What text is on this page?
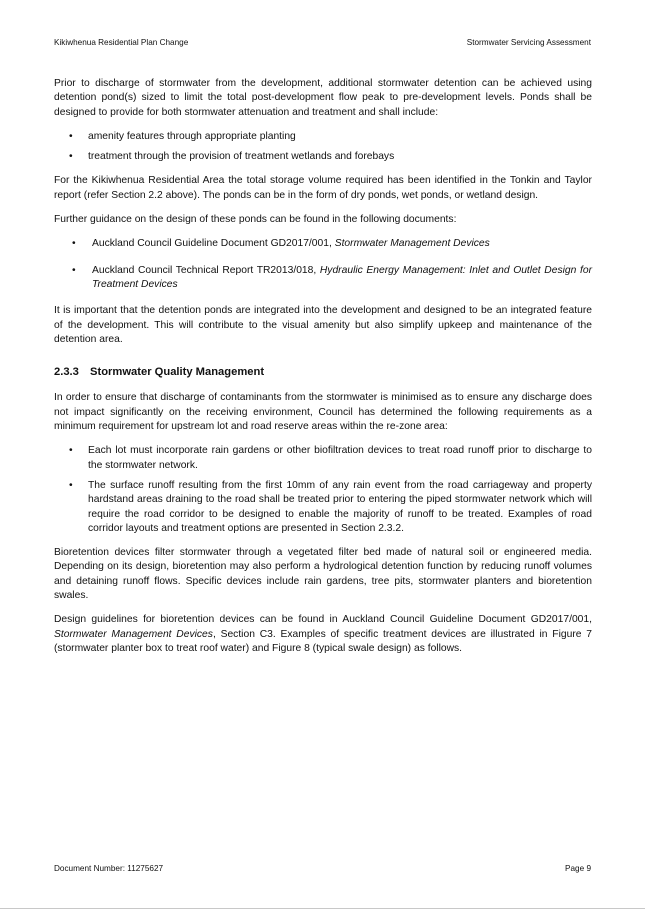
Kikiwhenua Residential Plan Change	Stormwater Servicing Assessment

Prior to discharge of stormwater from the development, additional stormwater detention can be achieved using detention pond(s) sized to limit the total post-development flow peak to pre-development levels. Ponds shall be designed to provide for both stormwater attenuation and treatment and shall include:

• amenity features through appropriate planting
• treatment through the provision of treatment wetlands and forebays

For the Kikiwhenua Residential Area the total storage volume required has been identified in the Tonkin and Taylor report (refer Section 2.2 above). The ponds can be in the form of dry ponds, wet ponds, or wetland design.

Further guidance on the design of these ponds can be found in the following documents:

• Auckland Council Guideline Document GD2017/001, Stormwater Management Devices
• Auckland Council Technical Report TR2013/018, Hydraulic Energy Management: Inlet and Outlet Design for Treatment Devices

It is important that the detention ponds are integrated into the development and designed to be an integrated feature of the development. This will contribute to the visual amenity but also simplify upkeep and maintenance of the detention area.

2.3.3 Stormwater Quality Management

In order to ensure that discharge of contaminants from the stormwater is minimised as to ensure any discharge does not impact significantly on the receiving environment, Council has determined the following requirements as a minimum requirement for upstream lot and road reserve areas within the re-zone area:

• Each lot must incorporate rain gardens or other biofiltration devices to treat road runoff prior to discharge to the stormwater network.
• The surface runoff resulting from the first 10mm of any rain event from the road carriageway and property hardstand areas draining to the road shall be treated prior to entering the piped stormwater network which will require the road corridor to be designed to enable the majority of runoff to be treated. Examples of road corridor layouts and treatment options are presented in Section 2.3.2.

Bioretention devices filter stormwater through a vegetated filter bed made of natural soil or engineered media. Depending on its design, bioretention may also perform a hydrological detention function by reducing runoff volumes and detaining runoff flows. Specific devices include rain gardens, tree pits, stormwater planters and bioretention swales.

Design guidelines for bioretention devices can be found in Auckland Council Guideline Document GD2017/001, Stormwater Management Devices, Section C3. Examples of specific treatment devices are illustrated in Figure 7 (stormwater planter box to treat roof water) and Figure 8 (typical swale design) as follows.

Document Number: 11275627	Page 9
